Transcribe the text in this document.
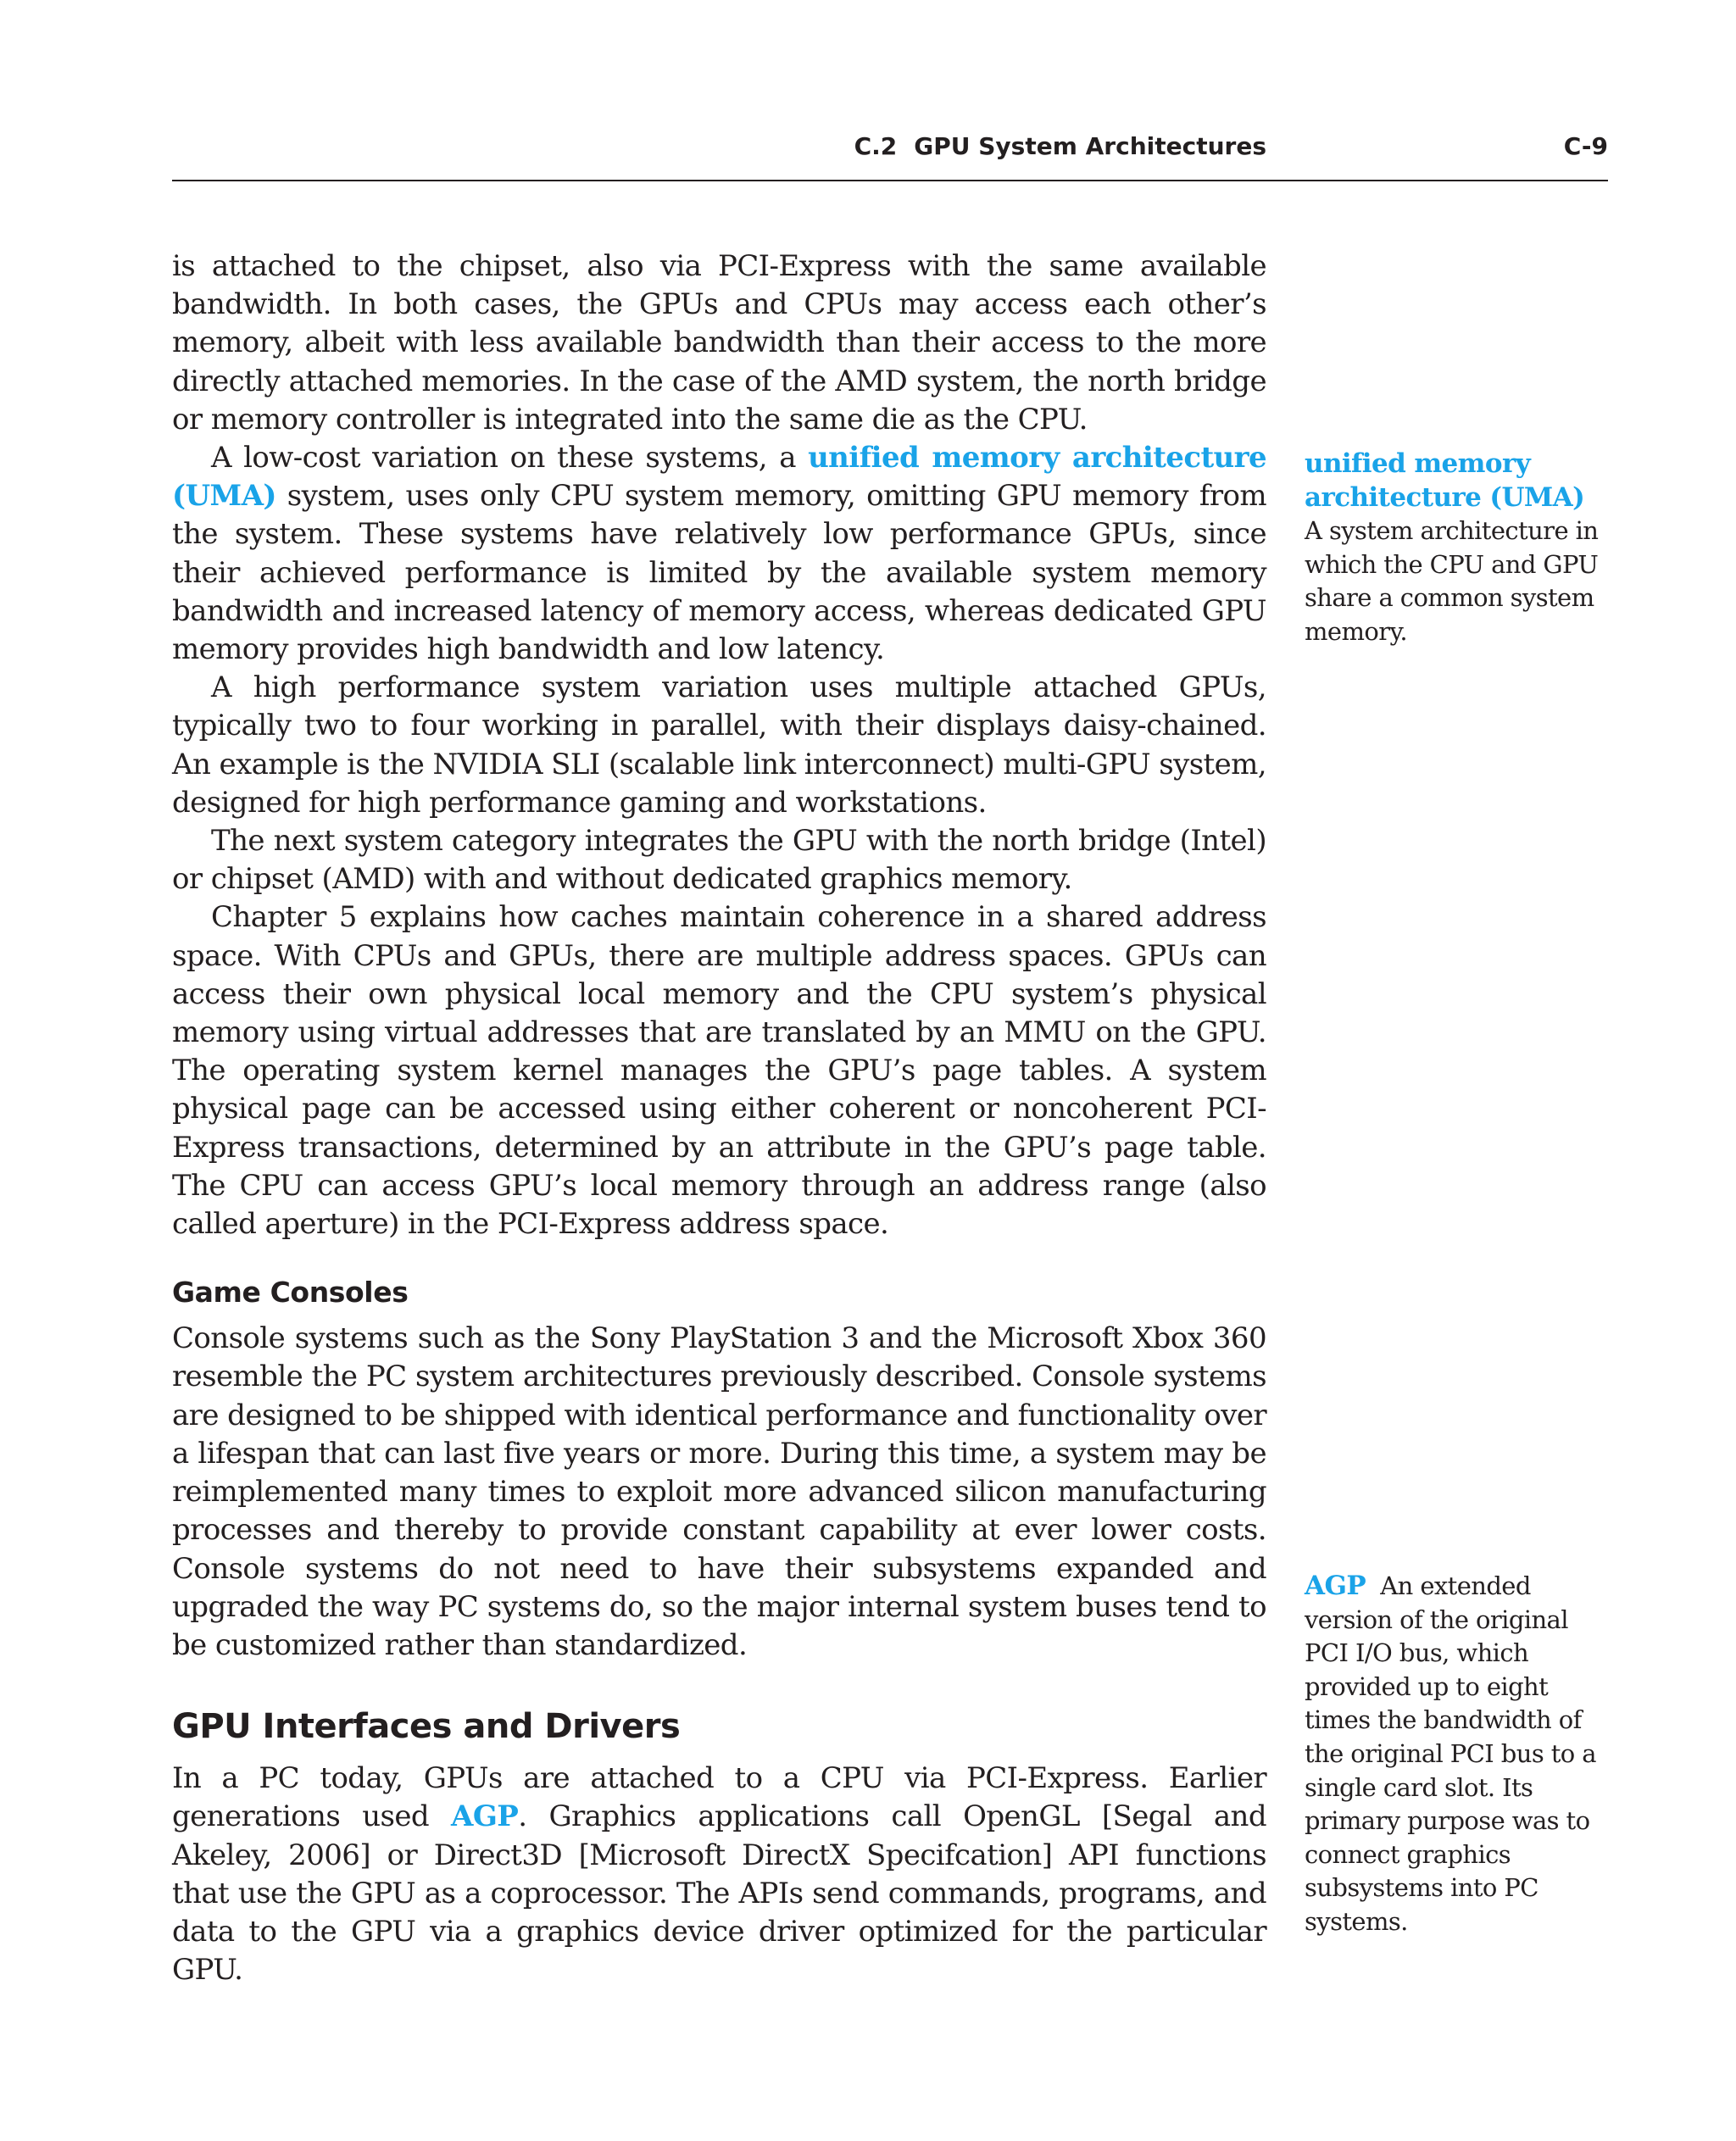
C.2 GPU System Architectures	C-9

is attached to the chipset, also via PCI-Express with the same available bandwidth. In both cases, the GPUs and CPUs may access each other’s memory, albeit with less available bandwidth than their access to the more directly attached memories. In the case of the AMD system, the north bridge or memory controller is integrated into the same die as the CPU.

A low-cost variation on these systems, a unified memory architecture (UMA) system, uses only CPU system memory, omitting GPU memory from the system. These systems have relatively low performance GPUs, since their achieved performance is limited by the available system memory bandwidth and increased latency of memory access, whereas dedicated GPU memory provides high bandwidth and low latency.

A high performance system variation uses multiple attached GPUs, typically two to four working in parallel, with their displays daisy-chained. An example is the NVIDIA SLI (scalable link interconnect) multi-GPU system, designed for high performance gaming and workstations.

The next system category integrates the GPU with the north bridge (Intel) or chipset (AMD) with and without dedicated graphics memory.

Chapter 5 explains how caches maintain coherence in a shared address space. With CPUs and GPUs, there are multiple address spaces. GPUs can access their own physical local memory and the CPU system’s physical memory using virtual addresses that are translated by an MMU on the GPU. The operating system kernel manages the GPU’s page tables. A system physical page can be accessed using either coherent or noncoherent PCI-Express transactions, determined by an attribute in the GPU’s page table. The CPU can access GPU’s local memory through an address range (also called aperture) in the PCI-Express address space.

Game Consoles

Console systems such as the Sony PlayStation 3 and the Microsoft Xbox 360 resemble the PC system architectures previously described. Console systems are designed to be shipped with identical performance and functionality over a lifespan that can last five years or more. During this time, a system may be reimplemented many times to exploit more advanced silicon manufacturing processes and thereby to provide constant capability at ever lower costs. Console systems do not need to have their subsystems expanded and upgraded the way PC systems do, so the major internal system buses tend to be customized rather than standardized.

GPU Interfaces and Drivers

In a PC today, GPUs are attached to a CPU via PCI-Express. Earlier generations used AGP. Graphics applications call OpenGL [Segal and Akeley, 2006] or Direct3D [Microsoft DirectX Specifcation] API functions that use the GPU as a coprocessor. The APIs send commands, programs, and data to the GPU via a graphics device driver optimized for the particular GPU.

unified memory architecture (UMA)
A system architecture in which the CPU and GPU share a common system memory.
AGP An extended version of the original PCI I/O bus, which provided up to eight times the bandwidth of the original PCI bus to a single card slot. Its primary purpose was to connect graphics subsystems into PC systems.
